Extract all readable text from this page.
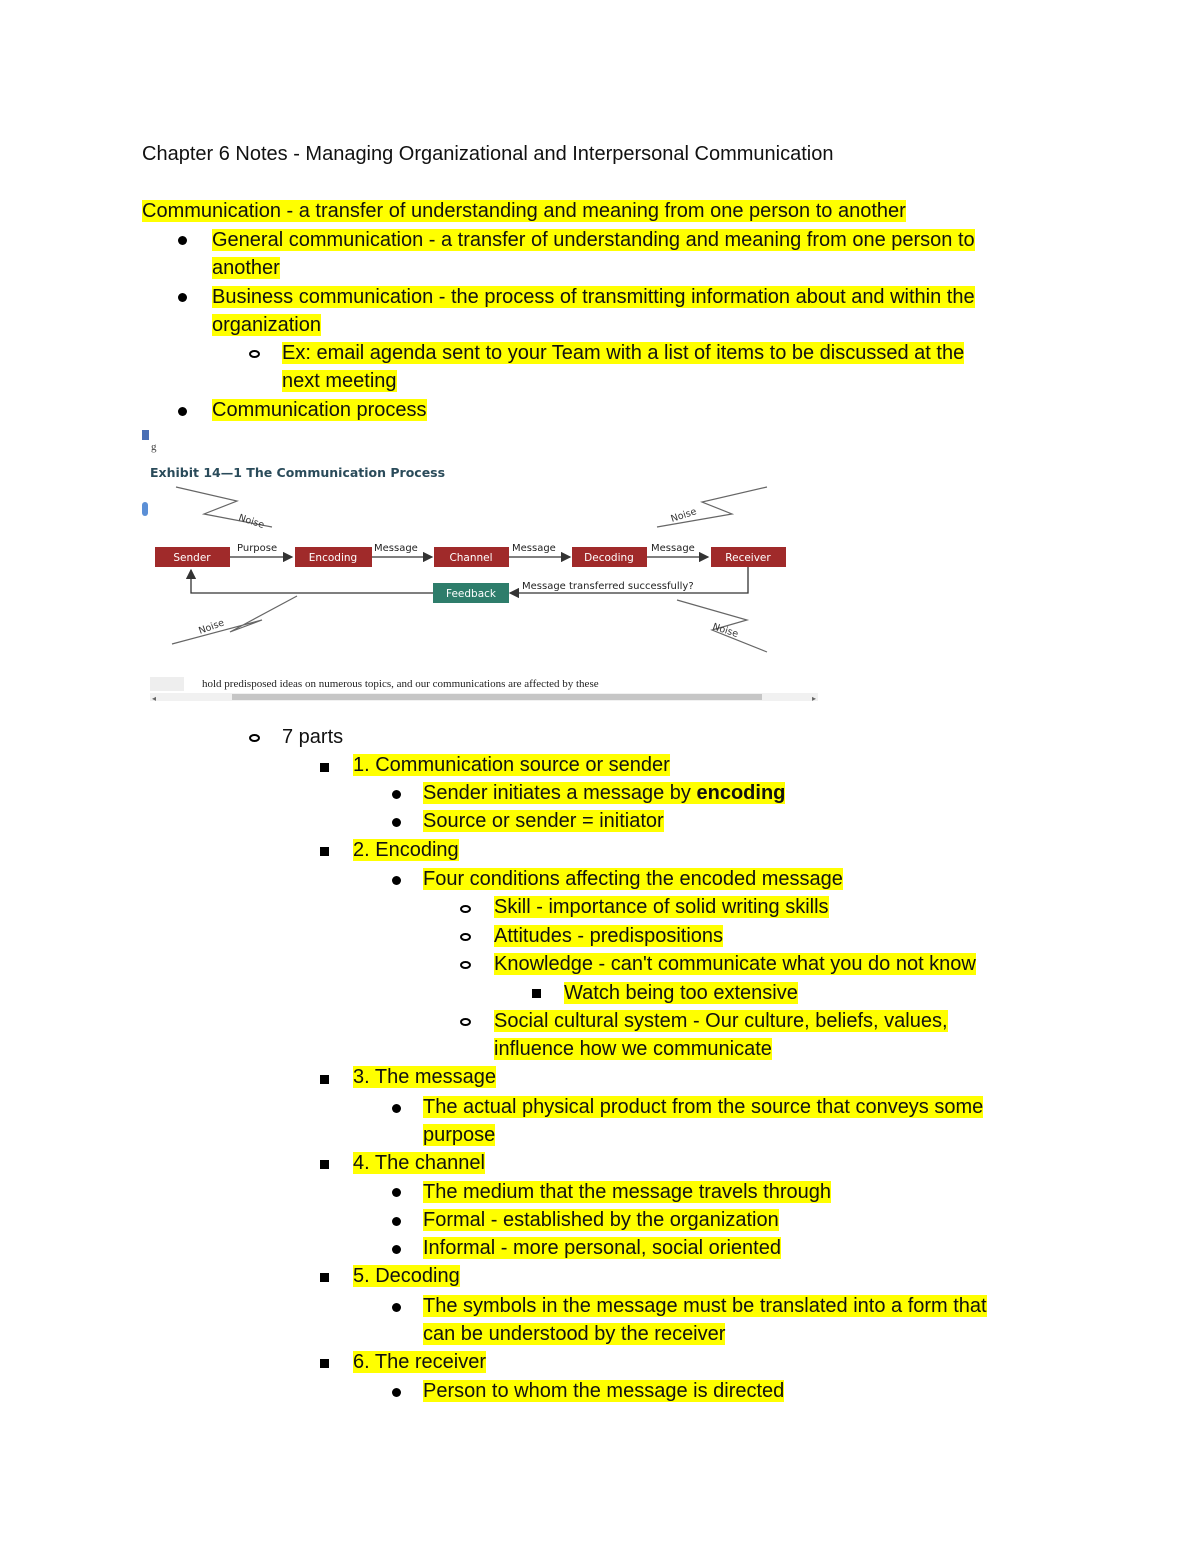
Chapter 6 Notes - Managing Organizational and Interpersonal Communication
Communication - a transfer of understanding and meaning from one person to another
General communication - a transfer of understanding and meaning from one person to
another
Business communication - the process of transmitting information about and within the
organization
Ex: email agenda sent to your Team with a list of items to be discussed at the
next meeting
Communication process
g
Exhibit 14—1 The Communication Process
Noise	Noise
Noise	Noise
Purpose	Message	Message	Message
Message transferred successfully?
Sender	Encoding	Channel	Decoding	Receiver
Feedback
hold predisposed ideas on numerous topics, and our communications are affected by these
◂	▸
7 parts
1. Communication source or sender
Sender initiates a message by encoding
Source or sender = initiator
2. Encoding
Four conditions affecting the encoded message
Skill - importance of solid writing skills
Attitudes - predispositions
Knowledge - can't communicate what you do not know
Watch being too extensive
Social cultural system - Our culture, beliefs, values,
influence how we communicate
3. The message
The actual physical product from the source that conveys some
purpose
4. The channel
The medium that the message travels through
Formal - established by the organization
Informal - more personal, social oriented
5. Decoding
The symbols in the message must be translated into a form that
can be understood by the receiver
6. The receiver
Person to whom the message is directed
